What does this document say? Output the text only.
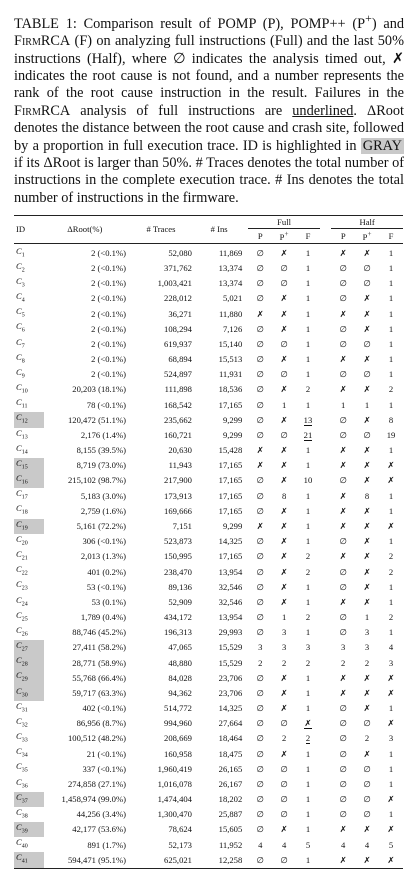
TABLE 1: Comparison result of POMP (P), POMP++ (P+) and FirmRCA (F) on analyzing full instructions (Full) and the last 50% instructions (Half), where ∅ indicates the analysis timed out, ✗ indicates the root cause is not found, and a number represents the rank of the root cause instruction in the result. Failures in the FirmRCA analysis of full instructions are underlined. ΔRoot denotes the distance between the root cause and crash site, followed by a proportion in full execution trace. ID is highlighted in GRAY if its ΔRoot is larger than 50%. # Traces denotes the total number of instructions in the complete execution trace. # Ins denotes the total number of instructions in the firmware.

ID	ΔRoot(%)	# Traces	# Ins	Full				Half		
				P	P+	F		P	P+	F
$C_1$	2 (<0.1%)	52,080	11,869	∅	✗	1		✗	✗	1
$C_2$	2 (<0.1%)	371,762	13,374	∅	∅	1		∅	∅	1
$C_3$	2 (<0.1%)	1,003,421	13,374	∅	∅	1		∅	∅	1
$C_4$	2 (<0.1%)	228,012	5,021	∅	✗	1		∅	✗	1
$C_5$	2 (<0.1%)	36,271	11,880	✗	✗	1		✗	✗	1
$C_6$	2 (<0.1%)	108,294	7,126	∅	✗	1		∅	✗	1
$C_7$	2 (<0.1%)	619,937	15,140	∅	∅	1		∅	∅	1
$C_8$	2 (<0.1%)	68,894	15,513	∅	✗	1		✗	✗	1
$C_9$	2 (<0.1%)	524,897	11,931	∅	∅	1		∅	∅	1
$C_{10}$	20,203 (18.1%)	111,898	18,536	∅	✗	2		✗	✗	2
$C_{11}$	78 (<0.1%)	168,542	17,165	∅	1	1		1	1	1
$C_{12}$	120,472 (51.1%)	235,662	9,299	∅	✗	13		∅	✗	8
$C_{13}$	2,176 (1.4%)	160,721	9,299	∅	∅	21		∅	∅	19
$C_{14}$	8,155 (39.5%)	20,630	15,428	✗	✗	1		✗	✗	1
$C_{15}$	8,719 (73.0%)	11,943	17,165	✗	✗	1		✗	✗	✗
$C_{16}$	215,102 (98.7%)	217,900	17,165	∅	✗	10		∅	✗	✗
$C_{17}$	5,183 (3.0%)	173,913	17,165	∅	8	1		✗	8	1
$C_{18}$	2,759 (1.6%)	169,666	17,165	∅	✗	1		✗	✗	1
$C_{19}$	5,161 (72.2%)	7,151	9,299	✗	✗	1		✗	✗	✗
$C_{20}$	306 (<0.1%)	523,873	14,325	∅	✗	1		∅	✗	1
$C_{21}$	2,013 (1.3%)	150,995	17,165	∅	✗	2		✗	✗	2
$C_{22}$	401 (0.2%)	238,470	13,954	∅	✗	2		∅	✗	2
$C_{23}$	53 (<0.1%)	89,136	32,546	∅	✗	1		∅	✗	1
$C_{24}$	53 (0.1%)	52,909	32,546	∅	✗	1		✗	✗	1
$C_{25}$	1,789 (0.4%)	434,172	13,954	∅	1	2		∅	1	2
$C_{26}$	88,746 (45.2%)	196,313	29,993	∅	3	1		∅	3	1
$C_{27}$	27,411 (58.2%)	47,065	15,529	3	3	3		3	3	4
$C_{28}$	28,771 (58.9%)	48,880	15,529	2	2	2		2	2	3
$C_{29}$	55,768 (66.4%)	84,028	23,706	∅	✗	1		✗	✗	✗
$C_{30}$	59,717 (63.3%)	94,362	23,706	∅	✗	1		✗	✗	✗
$C_{31}$	402 (<0.1%)	514,772	14,325	∅	✗	1		∅	✗	1
$C_{32}$	86,956 (8.7%)	994,960	27,664	∅	∅	✗		∅	∅	✗
$C_{33}$	100,512 (48.2%)	208,669	18,464	∅	2	2		∅	2	3
$C_{34}$	21 (<0.1%)	160,958	18,475	∅	✗	1		∅	✗	1
$C_{35}$	337 (<0.1%)	1,960,419	26,165	∅	∅	1		∅	∅	1
$C_{36}$	274,858 (27.1%)	1,016,078	26,167	∅	∅	1		∅	∅	1
$C_{37}$	1,458,974 (99.0%)	1,474,404	18,202	∅	∅	1		∅	∅	✗
$C_{38}$	44,256 (3.4%)	1,300,470	25,887	∅	∅	1		∅	∅	1
$C_{39}$	42,177 (53.6%)	78,624	15,605	∅	✗	1		✗	✗	✗
$C_{40}$	891 (1.7%)	52,173	11,952	4	4	5		4	4	5
$C_{41}$	594,471 (95.1%)	625,021	12,258	∅	∅	1		✗	✗	✗
